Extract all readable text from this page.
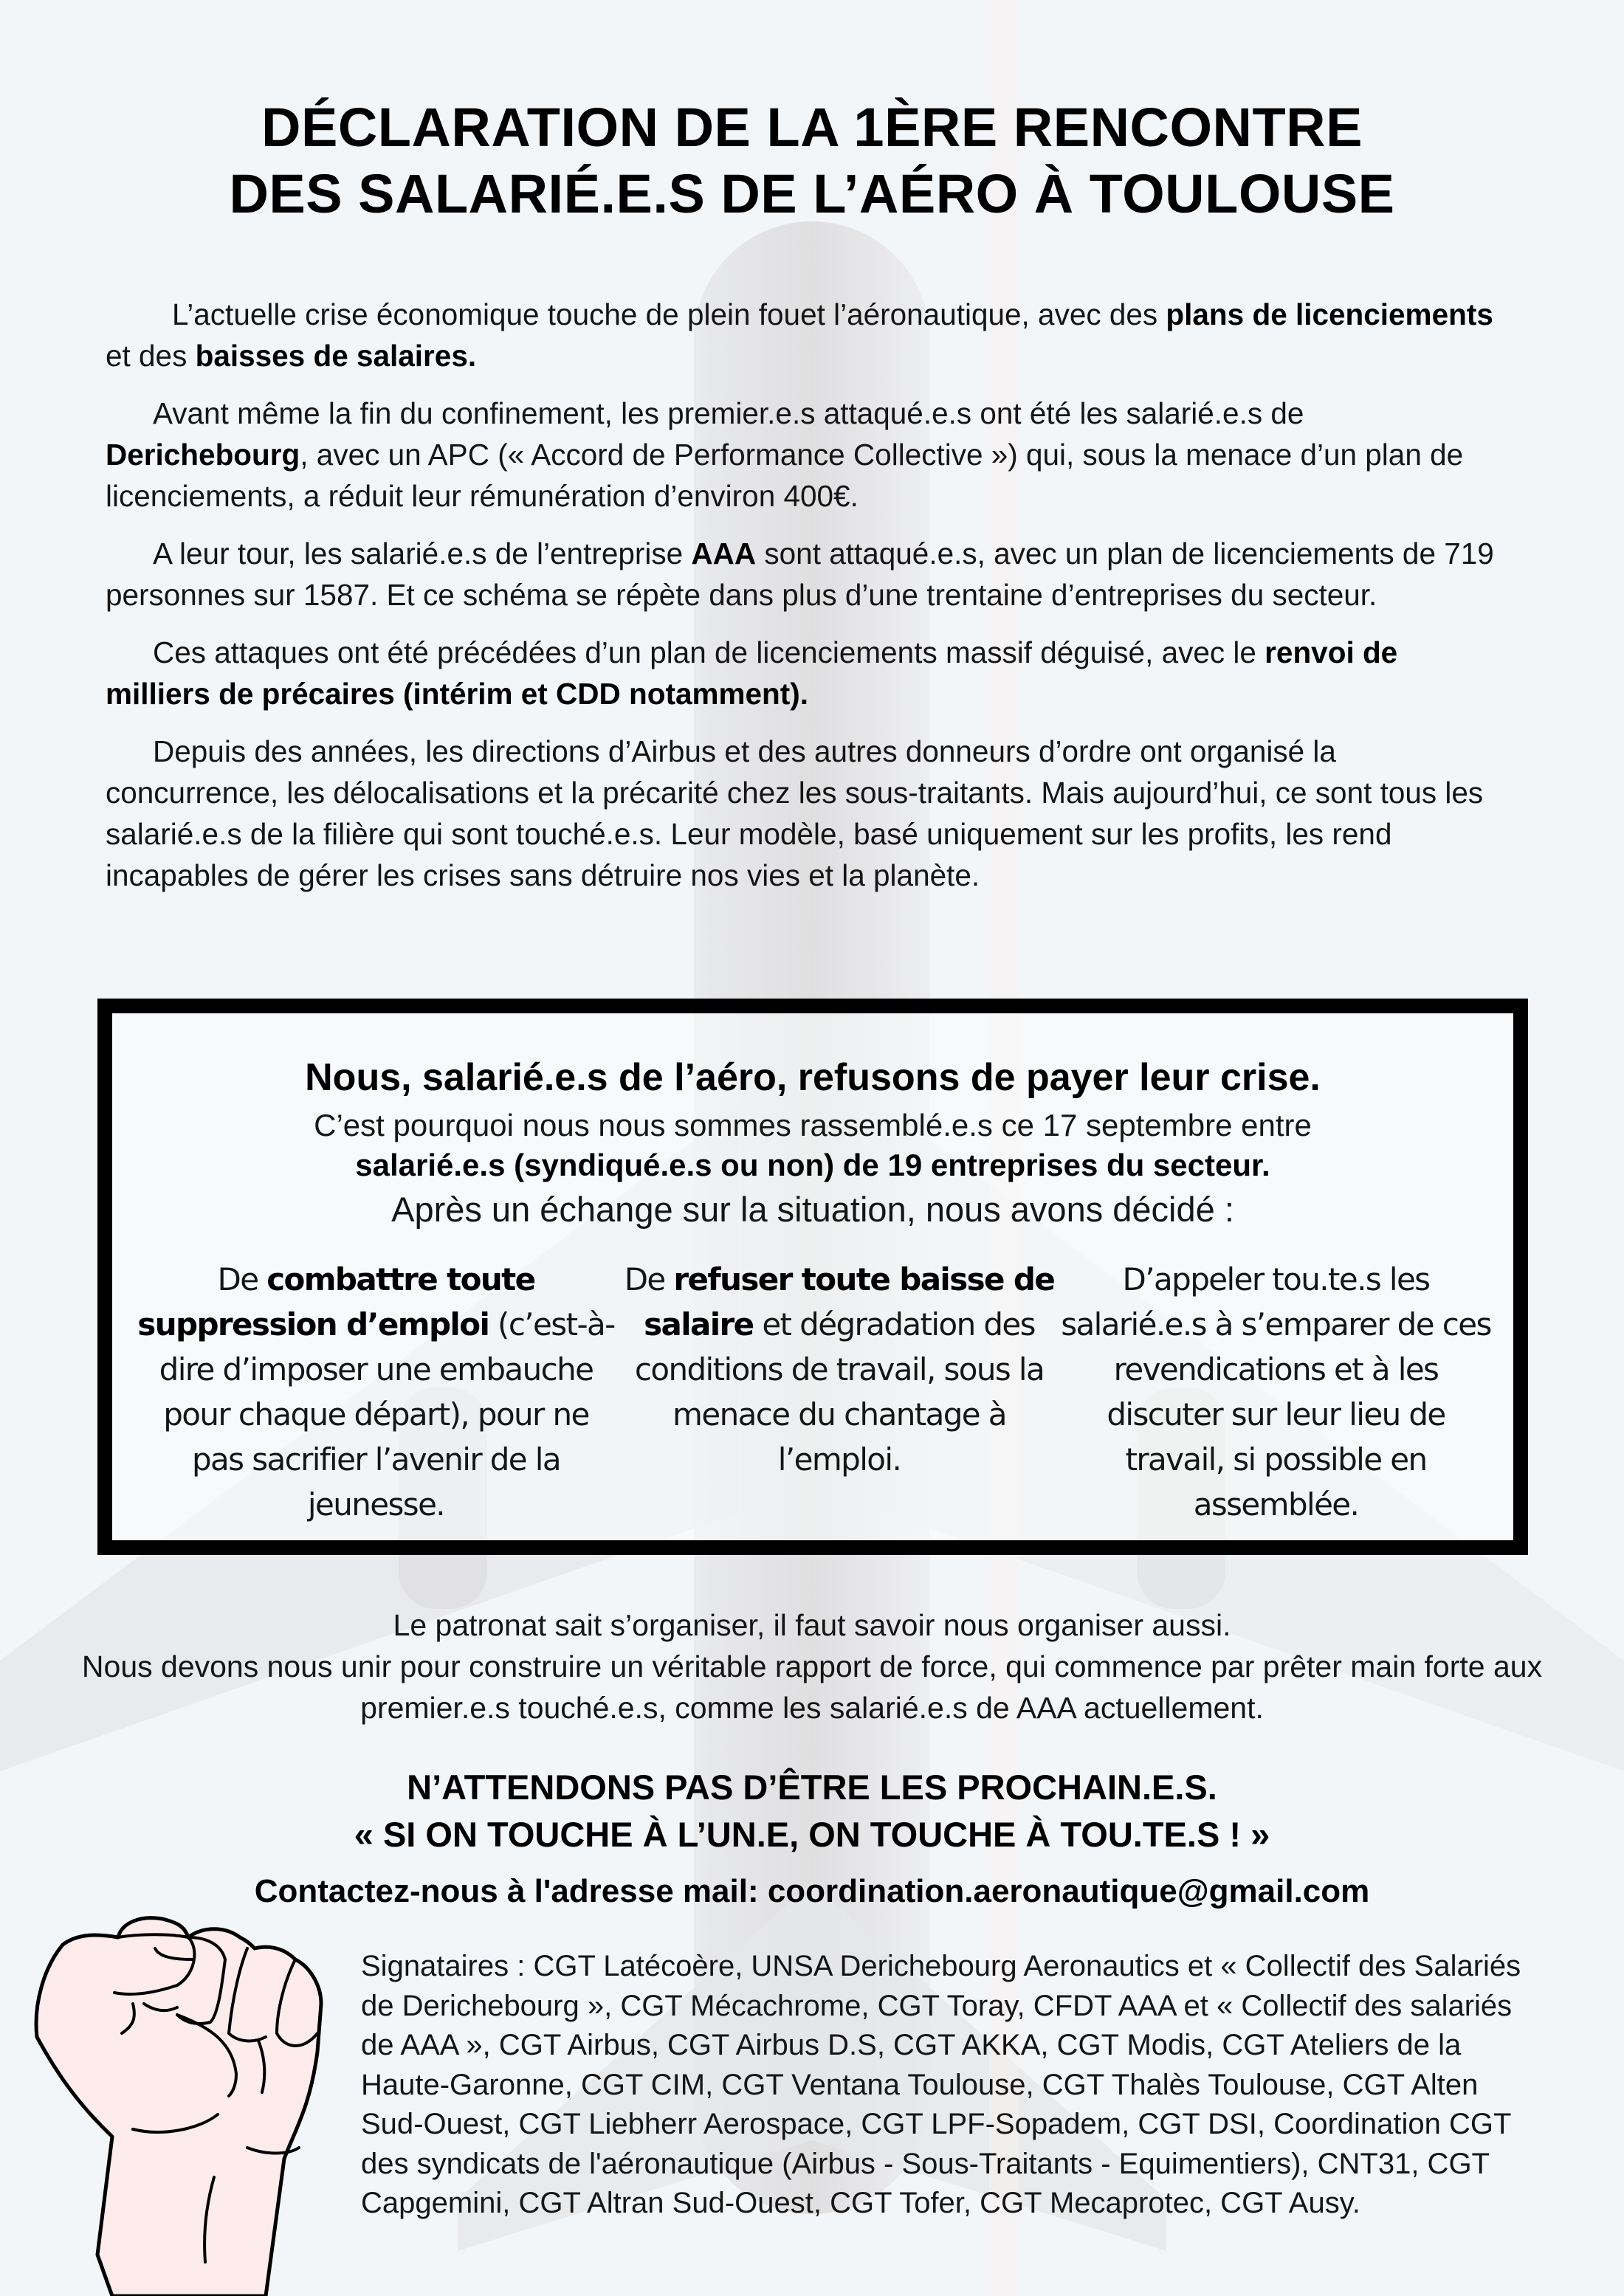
DÉCLARATION DE LA 1ÈRE RENCONTRE
DES SALARIÉ.E.S DE L’AÉRO À TOULOUSE

L’actuelle crise économique touche de plein fouet l’aéronautique, avec des plans de licenciements et des baisses de salaires.

Avant même la fin du confinement, les premier.e.s attaqué.e.s ont été les salarié.e.s de Derichebourg, avec un APC (« Accord de Performance Collective ») qui, sous la menace d’un plan de licenciements, a réduit leur rémunération d’environ 400€.

A leur tour, les salarié.e.s de l’entreprise AAA sont attaqué.e.s, avec un plan de licenciements de 719 personnes sur 1587. Et ce schéma se répète dans plus d’une trentaine d’entreprises du secteur.

Ces attaques ont été précédées d’un plan de licenciements massif déguisé, avec le renvoi de milliers de précaires (intérim et CDD notamment).

Depuis des années, les directions d’Airbus et des autres donneurs d’ordre ont organisé la concurrence, les délocalisations et la précarité chez les sous-traitants. Mais aujourd’hui, ce sont tous les salarié.e.s de la filière qui sont touché.e.s. Leur modèle, basé uniquement sur les profits, les rend incapables de gérer les crises sans détruire nos vies et la planète.

Nous, salarié.e.s de l’aéro, refusons de payer leur crise.
C’est pourquoi nous nous sommes rassemblé.e.s ce 17 septembre entre
salarié.e.s (syndiqué.e.s ou non) de 19 entreprises du secteur.
Après un échange sur la situation, nous avons décidé :
De combattre toute suppression d’emploi (c’est-à-dire d’imposer une embauche pour chaque départ), pour ne pas sacrifier l’avenir de la jeunesse.
De refuser toute baisse de salaire et dégradation des conditions de travail, sous la menace du chantage à l’emploi.
D’appeler tou.te.s les salarié.e.s à s’emparer de ces revendications et à les discuter sur leur lieu de travail, si possible en assemblée.
Le patronat sait s’organiser, il faut savoir nous organiser aussi.
Nous devons nous unir pour construire un véritable rapport de force, qui commence par prêter main forte aux premier.e.s touché.e.s, comme les salarié.e.s de AAA actuellement.
N’ATTENDONS PAS D’ÊTRE LES PROCHAIN.E.S.
« SI ON TOUCHE À L’UN.E, ON TOUCHE À TOU.TE.S ! »
Contactez-nous à l'adresse mail: coordination.aeronautique@gmail.com
Signataires : CGT Latécoère, UNSA Derichebourg Aeronautics et « Collectif des Salariés de Derichebourg », CGT Mécachrome, CGT Toray, CFDT AAA et « Collectif des salariés de AAA », CGT Airbus, CGT Airbus D.S, CGT AKKA, CGT Modis, CGT Ateliers de la Haute-Garonne, CGT CIM, CGT Ventana Toulouse, CGT Thalès Toulouse, CGT Alten Sud-Ouest, CGT Liebherr Aerospace, CGT LPF-Sopadem, CGT DSI, Coordination CGT des syndicats de l'aéronautique (Airbus - Sous-Traitants - Equimentiers), CNT31, CGT Capgemini, CGT Altran Sud-Ouest, CGT Tofer, CGT Mecaprotec, CGT Ausy.
